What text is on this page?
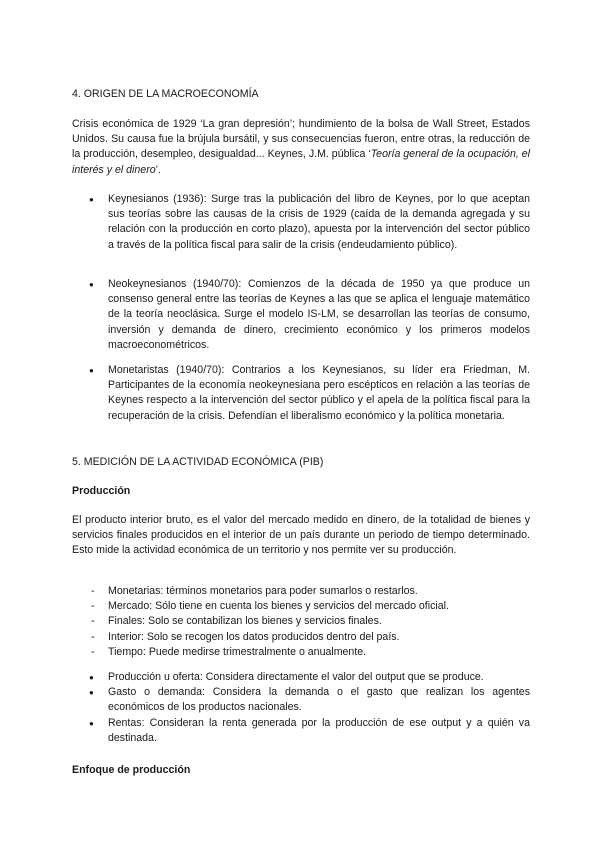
4. ORIGEN DE LA MACROECONOMÍA

Crisis económica de 1929 ‘La gran depresión’; hundimiento de la bolsa de Wall Street, Estados Unidos. Su causa fue la brújula bursátil, y sus consecuencias fueron, entre otras, la reducción de la producción, desempleo, desigualdad... Keynes, J.M. pública ‘Teoría general de la ocupación, el interés y el dinero’.

●	Keynesianos (1936): Surge tras la publicación del libro de Keynes, por lo que aceptan sus teorías sobre las causas de la crisis de 1929 (caída de la demanda agregada y su relación con la producción en corto plazo), apuesta por la intervención del sector público a través de la política fiscal para salir de la crisis (endeudamiento público).

●	Neokeynesianos (1940/70): Comienzos de la década de 1950 ya que produce un consenso general entre las teorías de Keynes a las que se aplica el lenguaje matemático de la teoría neoclásica. Surge el modelo IS-LM, se desarrollan las teorías de consumo, inversión y demanda de dinero, crecimiento económico y los primeros modelos macroeconométricos.

●	Monetaristas (1940/70): Contrarios a los Keynesianos, su líder era Friedman, M. Participantes de la economía neokeynesiana pero escépticos en relación a las teorías de Keynes respecto a la intervención del sector público y el apela de la política fiscal para la recuperación de la crisis. Defendían el liberalismo económico y la política monetaria.

5. MEDICIÓN DE LA ACTIVIDAD ECONÓMICA (PIB)
Producción

El producto interior bruto, es el valor del mercado medido en dinero, de la totalidad de bienes y servicios finales producidos en el interior de un país durante un periodo de tiempo determinado. Esto mide la actividad económica de un territorio y nos permite ver su producción.

- Monetarias: términos monetarios para poder sumarlos o restarlos.

- Mercado: Sólo tiene en cuenta los bienes y servicios del mercado oficial.

- Finales: Solo se contabilizan los bienes y servicios finales.

- Interior: Solo se recogen los datos producidos dentro del país.

- Tiempo: Puede medirse trimestralmente o anualmente.

●	Producción u oferta: Considera directamente el valor del output que se produce.

●	Gasto o demanda: Considera la demanda o el gasto que realizan los agentes económicos de los productos nacionales.

●	Rentas: Consideran la renta generada por la producción de ese output y a quién va destinada.

Enfoque de producción
